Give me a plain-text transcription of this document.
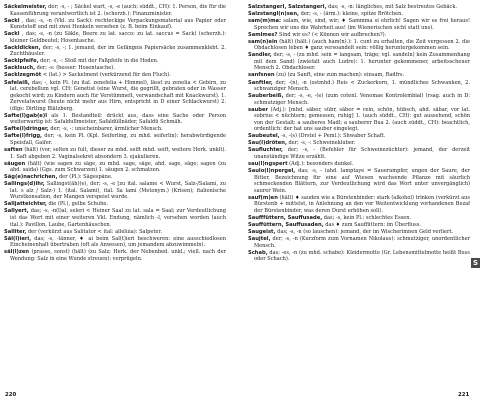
Säckelmeister, der; -s, - ; Säckel wart, -s, -e (auch: süddt., CH): 1. Person, die für die Kassenführung verantwortlich ist 2. (scherzh.): Finanzminister.

Sackl , das; -s, -n (Vkl. zu Sack): rechteckige Verpackungsmaterial aus Papier oder Kunststoff und mit zwei Henkeln versehen (z. B. beim Einkauf).

Sackl , das; -s, -n (zu Säkle, Beere zu lat. sacco: zu lat. saccus = Sack) (scherzh.): kleiner Geldbeutel; Hosentasche.

Sackldicken, der; -s, -; 1. jemand, der im Gefängnis Papiersäcke zusammenklebt. 2. Zuchthäusler.

Sacklpfeife, der; -s, -: Stoß mit der Faßpfeife in die Hoden.

Sacklsuch, der; -s: (besser: Hosentasche).

Sacklzegmöt < (lat.) > Sackelment (verkürzend für den Fluch).

Safelaiß, das; -, kein Pl. (zu ital. zenefelia + Himmel), lässt zu zenelia < Gebirn, zu lat. cerebellum vgl. CH: Genetist (eine Wurst, die gegrillt, gebraten oder in Wasser gekocht wird; zu Kindern auch für Verstümmelt, verwandschaft mit Knackwurst). 1. Zervelatwurst (heute nicht mehr aus Hirn, entspricht in D einer Schlackwurst) 2. (dlgs: Dirtling Blätzberg.

Safte(l)gab(e)l als 1. Bestandteil: drückt aus, dass eine Sache oder Person weiterwartig ist: Safaldullmeister, Safaldüllnäder, Safaldü Schmäh.

Safte(l)dringer, der; -s, -: unscheinbarer, ärmlicher Mensch.

Safte(l)frigg, der; -s, kein Pl. (Kpl. Seiferling, zu mhd. seiferlin): herabwürdigende Speisfall, Gaifer.

saften (hält) (vor, selten zu fult, dieser zu mhd. seift mhd. seift, weitere Herk. unklt). 1. Saft abgeben 2. Vaginalsekret absondern 3. ejakulieren.

säugen (hält) (wie sagen zu säge, zu mhd. sage, säge, ahd. sage, säge; sagen (zu ahd. saida) (Ggs. zum Schwarzen) 1. säugen 2. schmatzen.

Säg(e)nachrichen, der (Pl.): Sägespäne.

Sallings(d)ihr, Sallingst(äh)(e), der; -s, -e [zu ital. salame < Wurst, Salz-/Salami, zu lat. s alz / Salz-) 1. (ital. Salami), ital. Sa lami (Metonym.) (Krisen); italienische Wurstkonsation, der Mangen verspeist wurde.

Salljatteichter, die (Pl.), gelbe Schuhe.

Sallyert, das; -s, -n(l)al, seleri < Heiner Saal zu lat. sala = Saal; zur Verdeutlichung ist das Wort mit einer weiteren Vkl. Endung, nämlich -l, versehen worden (auch ital.): Pavillon, Laube, Gartenhäuschen.

Salliter, der (verkürzt aus Salitator < ital: alleluia): Salpeter.

Säl(l)ieri, das; -s, -länner, ♦ ai beim Sal(t)ieri beschweren: eine ausschiedlosen Eincheinenhalt übertraben (oft als Anwesen), um jemandem abzuwimmeln).

säl(l)zen (prasse, sonst) (hält) (zu Salz; Herk. der Nebenbed. unkl.; viell. nach der Wendung: Salz in eine Wunde streuen): verprügeln.

Salzstangerl, Salzstangerl, das; -s, -n: längliches, mit Salz bestreutes Gebäck.

Salzstangl(n)sen, der; -s, - (ärm.): kleine, spitze Brötchen.

sam(m)ma: salam, wie, sind, wir; ♦ Sammma si ehrlich! Sagen wir es frei heraus! Sprechen wir uns die Wahrheit aus! (im Wienerischen sicht statt uns).

Samlmes? Sind wir es? (< Können wir aufbrechen?).

sam(n)ein (hält) (hält.) (auch ham(n).): 1. cunt zu erhalten, die Zeit vergessen 2. die Obdachlosen leben ♦ ganz versoandelt sein: völlig heruntergekommen sein.

Sandler, der; -s, - (zu mhd. sein = langsam, träge; vgl. sandeln) kein Zusammenhang mit dem Sand) (zwiefalt auch Ludre): 1. herunter gekommener, arbeitsscheuer Mensch 2. Obdachloser.

sanfsnen (zu) (zu Sanft, eine zum machen): einsam, Radfrs.

Sanftler, der; -(n), -n (ostmhd.) Reis < Zuckerkorn, 1. mündliches Schwanken, 2. schwanziger Mensch.

Sauberbeiß, der; -s, -e, -(e) (zum cotenl. Venomae Kontrolembial) (rsag. auch in D: schmutziger Mensch.

sauber (Adj.): [mhd. säber, sübr, säber = rein, schön, hübsch, ahd. säbar, vor lat. sobrius < nüchtern; gemessen, ruhig] 1. (auch süddt., CH): gut aussehend, schön von der Gestalt: a sauberes Madl; a sauberer Bua 2. (auch süddt., CH): beachtlich, ordentlich: der hat uns sauber eingelegt.

Saubeutel, -s, -(s) (Drstel + Peml.): Shwaber Schaft.

Sau(l)dröten, der; -s, -: Schweinekluber.

Saufluchter, der; -s, - (Befehler für Schweinezüchter): jemand, der derzeit unanständige Witze erzählt.

sau(l)ngspert (Adj.): besonders dunkel.

Saulo(l)npergel, das; -s, - (ahd. lamptaye = Sauerampfer, ungen der Saure, der Bitter, Bezeichnung für eine auf Wiesen wachsende Pflanze mit säurlich schmeckenden Blättern, zur Verdeutlichung wird das Wort unter unvergänglich) saurer Wein.

sauf(m)en (hält) ♦ sauden wie a Bürstenbinder: stark (alkohol) trinken (verkürzt aus Bürstenb + mittelst, in Anlehnung an den vor Weitentwicklung vorhandenen Bezaf der Bürstenbinder, was deren Durst erhöhen soll).

Saufffüttern, Sauffusade, das; -s, kein Pl.: schlechtes Essen.

Sauffüttern, Sauffusaden, das ♦ zum Sauffüttern: im Überfluss.

Saugeist, das; -s, -n (so lauschen): jemand, der im Wischerimnen Geld verliert.

Saujtel, der; -s, -n (Kurzform zum Vornamen Nikolaus): schmutziger, unordentlicher Mensch.

Schab, das; -es, -n (zu mhd. schabe): Kleidermotte (Gr. Lebensmittelmotte heißt Buss oder Schach).

220	221
S
